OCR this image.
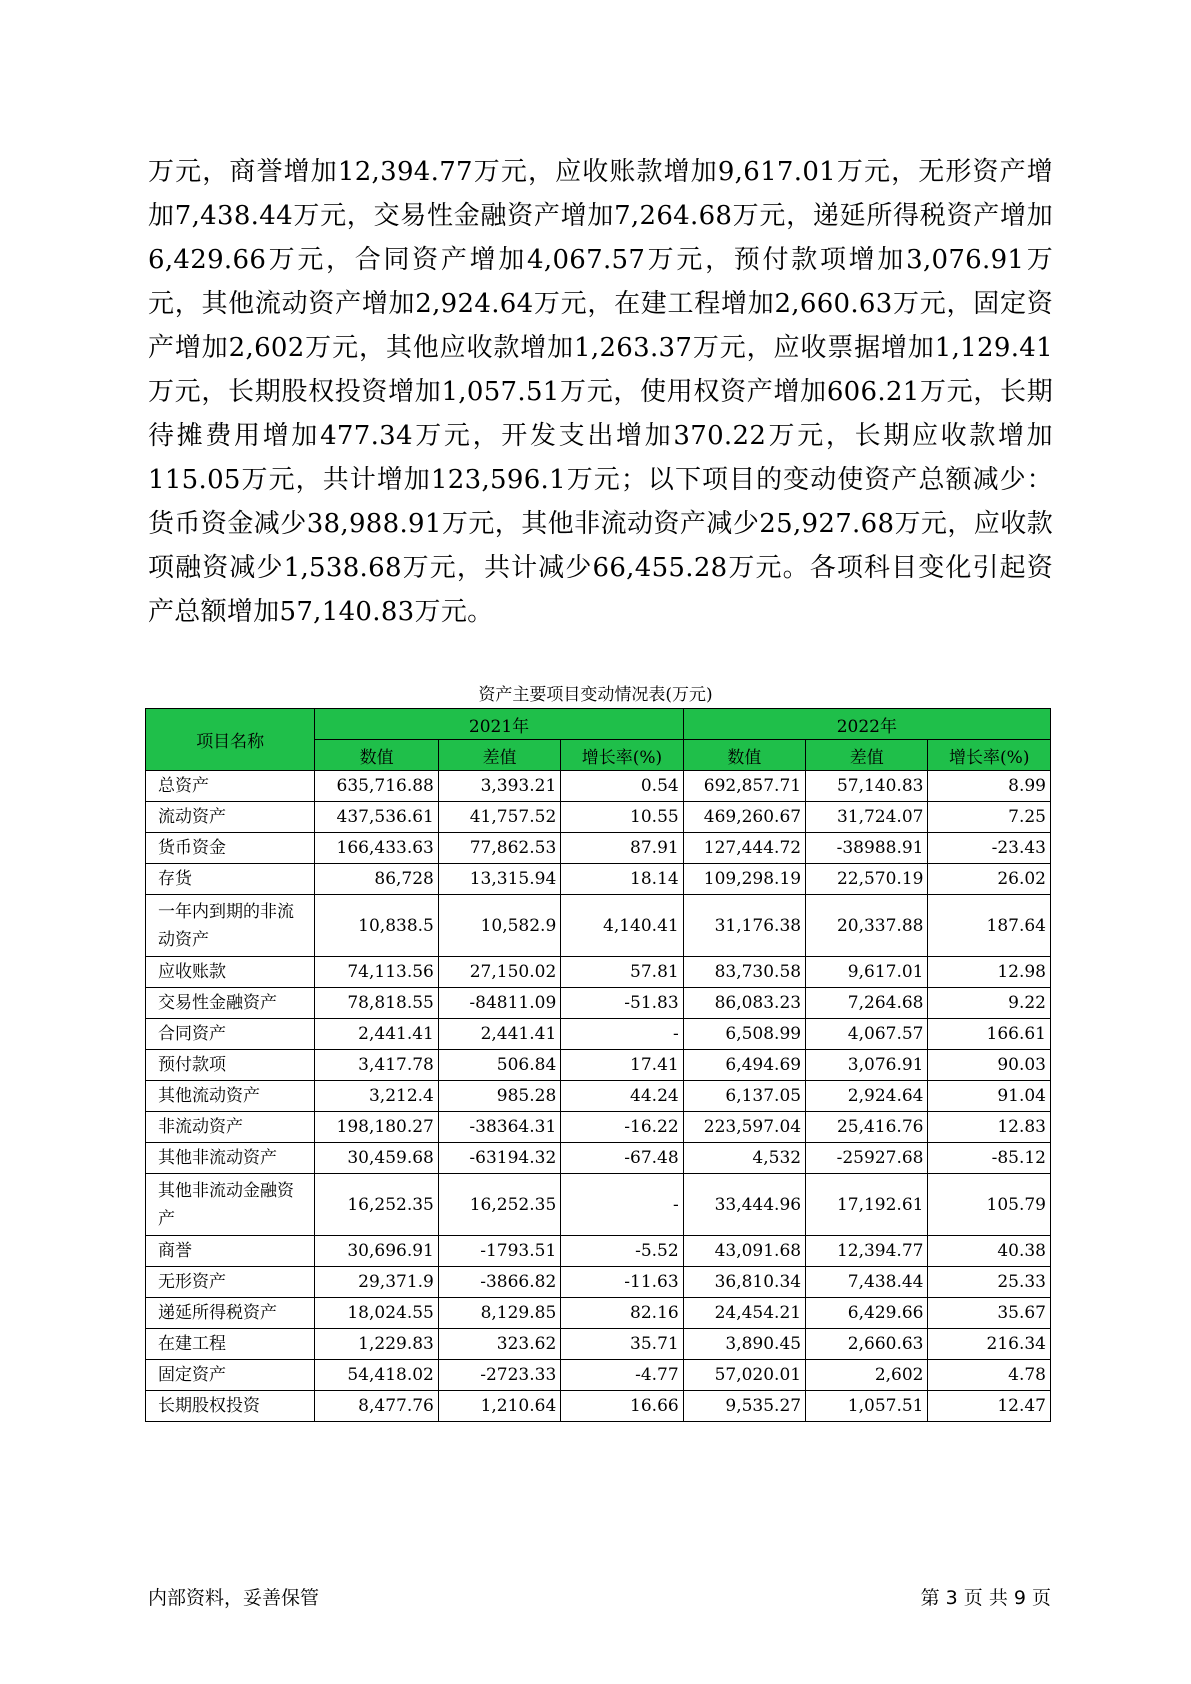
万元，商誉增加12,394.77万元，应收账款增加9,617.01万元，无形资产增加7,438.44万元，交易性金融资产增加7,264.68万元，递延所得税资产增加6,429.66万元，合同资产增加4,067.57万元，预付款项增加3,076.91万元，其他流动资产增加2,924.64万元，在建工程增加2,660.63万元，固定资产增加2,602万元，其他应收款增加1,263.37万元，应收票据增加1,129.41万元，长期股权投资增加1,057.51万元，使用权资产增加606.21万元，长期待摊费用增加477.34万元，开发支出增加370.22万元，长期应收款增加115.05万元，共计增加123,596.1万元；以下项目的变动使资产总额减少：货币资金减少38,988.91万元，其他非流动资产减少25,927.68万元，应收款项融资减少1,538.68万元，共计减少66,455.28万元。各项科目变化引起资产总额增加57,140.83万元。
资产主要项目变动情况表(万元)
项目名称	2021年			2022年		
	数值	差值	增长率(%)	数值	差值	增长率(%)
总资产	635,716.88	3,393.21	0.54	692,857.71	57,140.83	8.99
流动资产	437,536.61	41,757.52	10.55	469,260.67	31,724.07	7.25
货币资金	166,433.63	77,862.53	87.91	127,444.72	-38988.91	-23.43
存货	86,728	13,315.94	18.14	109,298.19	22,570.19	26.02
一年内到期的非流动资产	10,838.5	10,582.9	4,140.41	31,176.38	20,337.88	187.64
应收账款	74,113.56	27,150.02	57.81	83,730.58	9,617.01	12.98
交易性金融资产	78,818.55	-84811.09	-51.83	86,083.23	7,264.68	9.22
合同资产	2,441.41	2,441.41	-	6,508.99	4,067.57	166.61
预付款项	3,417.78	506.84	17.41	6,494.69	3,076.91	90.03
其他流动资产	3,212.4	985.28	44.24	6,137.05	2,924.64	91.04
非流动资产	198,180.27	-38364.31	-16.22	223,597.04	25,416.76	12.83
其他非流动资产	30,459.68	-63194.32	-67.48	4,532	-25927.68	-85.12
其他非流动金融资产	16,252.35	16,252.35	-	33,444.96	17,192.61	105.79
商誉	30,696.91	-1793.51	-5.52	43,091.68	12,394.77	40.38
无形资产	29,371.9	-3866.82	-11.63	36,810.34	7,438.44	25.33
递延所得税资产	18,024.55	8,129.85	82.16	24,454.21	6,429.66	35.67
在建工程	1,229.83	323.62	35.71	3,890.45	2,660.63	216.34
固定资产	54,418.02	-2723.33	-4.77	57,020.01	2,602	4.78
长期股权投资	8,477.76	1,210.64	16.66	9,535.27	1,057.51	12.47
内部资料，妥善保管	第 3 页 共 9 页
